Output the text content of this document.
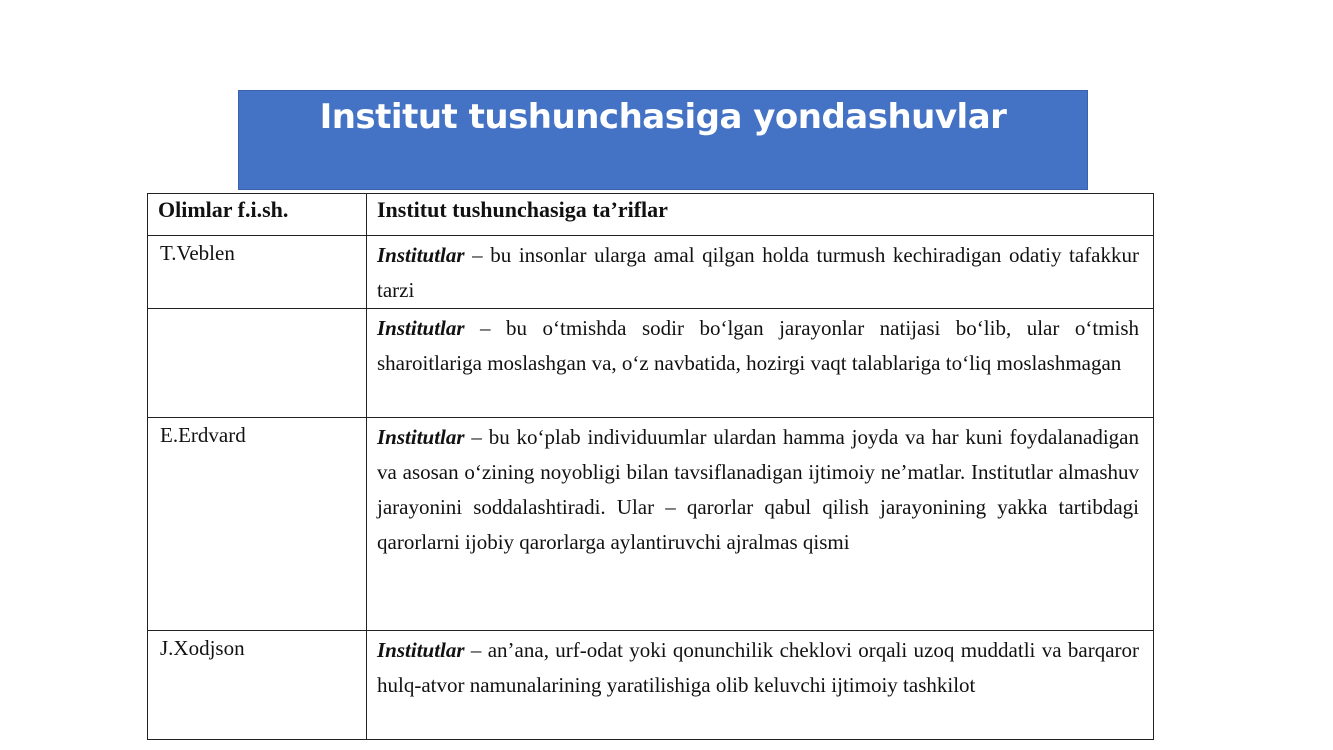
Institut tushunchasiga yondashuvlar
Olimlar f.i.sh.	Institut tushunchasiga ta’riflar
T.Veblen	Institutlar – bu insonlar ularga amal qilgan holda turmush kechiradigan odatiy tafakkur tarzi
	Institutlar – bu o‘tmishda sodir bo‘lgan jarayonlar natijasi bo‘lib, ular o‘tmish sharoitlariga moslashgan va, o‘z navbatida, hozirgi vaqt talablariga to‘liq moslashmagan
E.Erdvard	Institutlar – bu ko‘plab individuumlar ulardan hamma joyda va har kuni foydalanadigan va asosan o‘zining noyobligi bilan tavsiflanadigan ijtimoiy ne’matlar. Institutlar almashuv jarayonini soddalashtiradi. Ular – qarorlar qabul qilish jarayonining yakka tartibdagi qarorlarni ijobiy qarorlarga aylantiruvchi ajralmas qismi
J.Xodjson	Institutlar – an’ana, urf-odat yoki qonunchilik cheklovi orqali uzoq muddatli va barqaror hulq-atvor namunalarining yaratilishiga olib keluvchi ijtimoiy tashkilot
